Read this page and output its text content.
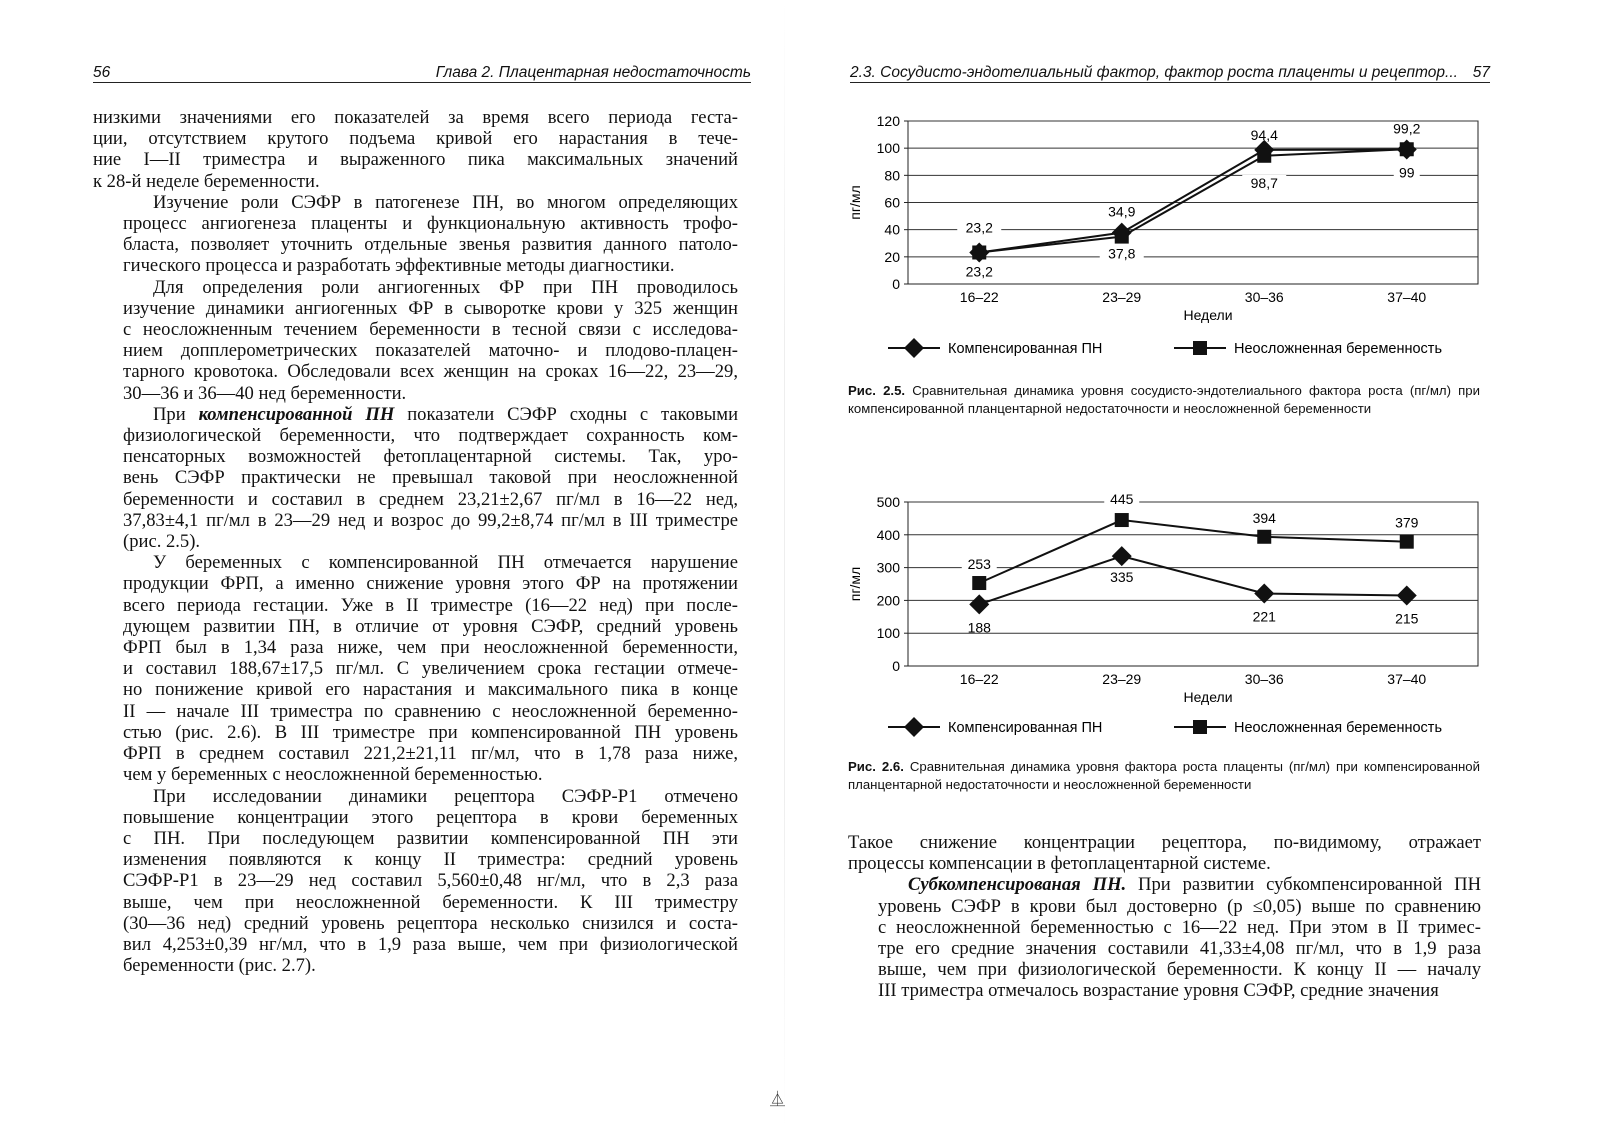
56	Глава 2. Плацентарная недостаточность

низкими значениями его показателей за время всего периода геста-
ции, отсутствием крутого подъема кривой его нарастания в тече-
ние I—II триместра и выраженного пика максимальных значений
к 28-й неделе беременности.

Изучение роли СЭФР в патогенезе ПН, во многом определяющих
процесс ангиогенеза плаценты и функциональную активность трофо-
бласта, позволяет уточнить отдельные звенья развития данного патоло-
гического процесса и разработать эффективные методы диагностики.

Для определения роли ангиогенных ФР при ПН проводилось
изучение динамики ангиогенных ФР в сыворотке крови у 325 женщин
с неосложненным течением беременности в тесной связи с исследова-
нием допплерометрических показателей маточно- и плодово-плацен-
тарного кровотока. Обследовали всех женщин на сроках 16—22, 23—29,
30—36 и 36—40 нед беременности.

При компенсированной ПН показатели СЭФР сходны с таковыми
физиологической беременности, что подтверждает сохранность ком-
пенсаторных возможностей фетоплацентарной системы. Так, уро-
вень СЭФР практически не превышал таковой при неосложненной
беременности и составил в среднем 23,21±2,67 пг/мл в 16—22 нед,
37,83±4,1 пг/мл в 23—29 нед и возрос до 99,2±8,74 пг/мл в III триместре
(рис. 2.5).

У беременных с компенсированной ПН отмечается нарушение
продукции ФРП, а именно снижение уровня этого ФР на протяжении
всего периода гестации. Уже в II триместре (16—22 нед) при после-
дующем развитии ПН, в отличие от уровня СЭФР, средний уровень
ФРП был в 1,34 раза ниже, чем при неосложненной беременности,
и составил 188,67±17,5 пг/мл. С увеличением срока гестации отмече-
но понижение кривой его нарастания и максимального пика в конце
II — начале III триместра по сравнению с неосложненной беременно-
стью (рис. 2.6). В III триместре при компенсированной ПН уровень
ФРП в среднем составил 221,2±21,11 пг/мл, что в 1,78 раза ниже,
чем у беременных с неосложненной беременностью.

При исследовании динамики рецептора СЭФР-Р1 отмечено
повышение концентрации этого рецептора в крови беременных
с ПН. При последующем развитии компенсированной ПН эти
изменения появляются к концу II триместра: средний уровень
СЭФР-Р1 в 23—29 нед составил 5,560±0,48 нг/мл, что в 2,3 раза
выше, чем при неосложненной беременности. К III триместру
(30—36 нед) средний уровень рецептора несколько снизился и соста-
вил 4,253±0,39 нг/мл, что в 1,9 раза выше, чем при физиологической
беременности (рис. 2.7).

2.3. Сосудисто-эндотелиальный фактор, фактор роста плаценты и рецептор... 57
0
20
40
60
80
100
120
16–22	23–29	30–36	37–40
Недели
пг/мл
23,2
37,8
98,7
99
23,2
34,9
94,4	99,2
Компенсированная ПН	Неосложненная беременность
Рис. 2.5. Сравнительная динамика уровня сосудисто-эндотелиального фактора роста (пг/мл) при компенсированной планцентарной недостаточности и неосложненной беременности
0
100
200
300
400
500
16–22	23–29	30–36	37–40
Недели
пг/мл
188
335
221	215
253
445
394	379
Компенсированная ПН	Неосложненная беременность
Рис. 2.6. Сравнительная динамика уровня фактора роста плаценты (пг/мл) при компенсированной планцентарной недостаточности и неосложненной беременности

Такое снижение концентрации рецептора, по-видимому, отражает
процессы компенсации в фетоплацентарной системе.

Субкомпенсированая ПН. При развитии субкомпенсированной ПН
уровень СЭФР в крови был достоверно (р ≤0,05) выше по сравнению
с неосложненной беременностью с 16—22 нед. При этом в II тримес-
тре его средние значения составили 41,33±4,08 пг/мл, что в 1,9 раза
выше, чем при физиологической беременности. К концу II — началу
III триместра отмечалось возрастание уровня СЭФР, средние значения

⏅
